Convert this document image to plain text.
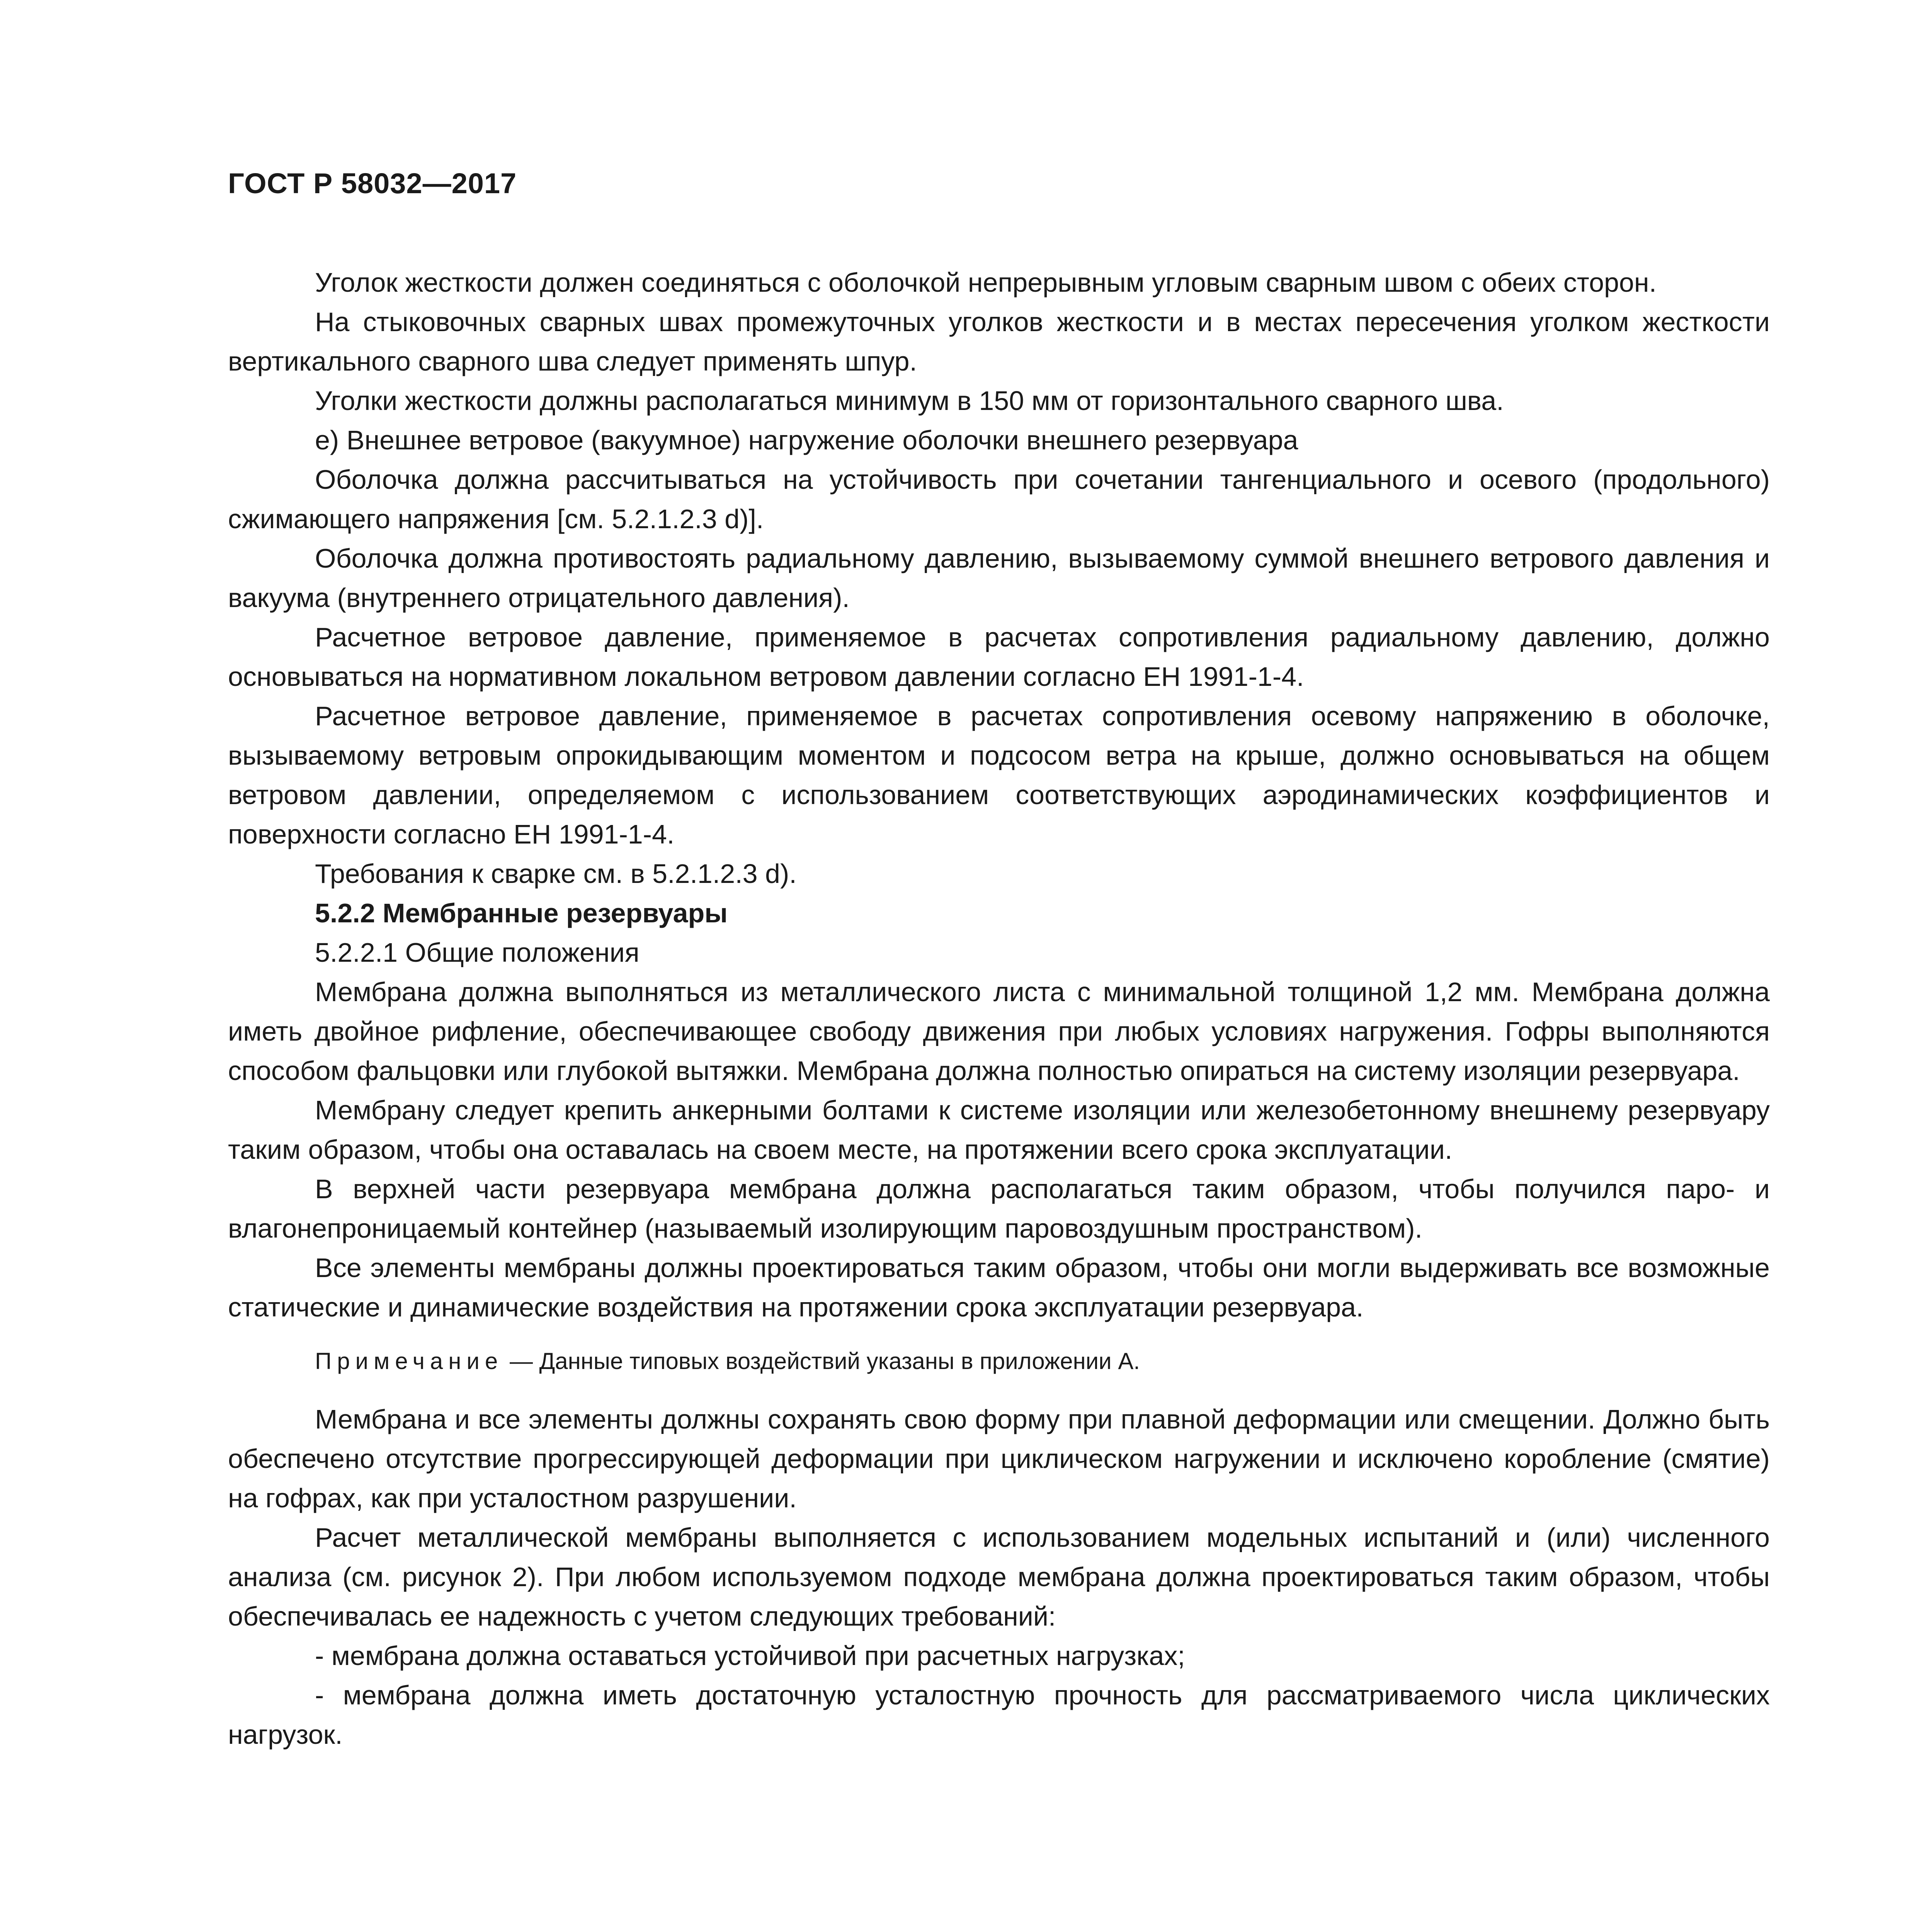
ГОСТ Р 58032—2017

Уголок жесткости должен соединяться с оболочкой непрерывным угловым сварным швом с обеих сторон.

На стыковочных сварных швах промежуточных уголков жесткости и в местах пересечения уголком жесткости вертикального сварного шва следует применять шпур.

Уголки жесткости должны располагаться минимум в 150 мм от горизонтального сварного шва.

е) Внешнее ветровое (вакуумное) нагружение оболочки внешнего резервуара

Оболочка должна рассчитываться на устойчивость при сочетании тангенциального и осевого (продольного) сжимающего напряжения [см. 5.2.1.2.3 d)].

Оболочка должна противостоять радиальному давлению, вызываемому суммой внешнего ветрового давления и вакуума (внутреннего отрицательного давления).

Расчетное ветровое давление, применяемое в расчетах сопротивления радиальному давлению, должно основываться на нормативном локальном ветровом давлении согласно ЕН 1991-1-4.

Расчетное ветровое давление, применяемое в расчетах сопротивления осевому напряжению в оболочке, вызываемому ветровым опрокидывающим моментом и подсосом ветра на крыше, должно основываться на общем ветровом давлении, определяемом с использованием соответствующих аэродинамических коэффициентов и поверхности согласно ЕН 1991-1-4.

Требования к сварке см. в 5.2.1.2.3 d).

5.2.2 Мембранные резервуары

5.2.2.1 Общие положения

Мембрана должна выполняться из металлического листа с минимальной толщиной 1,2 мм. Мембрана должна иметь двойное рифление, обеспечивающее свободу движения при любых условиях нагружения. Гофры выполняются способом фальцовки или глубокой вытяжки. Мембрана должна полностью опираться на систему изоляции резервуара.

Мембрану следует крепить анкерными болтами к системе изоляции или железобетонному внешнему резервуару таким образом, чтобы она оставалась на своем месте, на протяжении всего срока эксплуатации.

В верхней части резервуара мембрана должна располагаться таким образом, чтобы получился паро- и влагонепроницаемый контейнер (называемый изолирующим паровоздушным пространством).

Все элементы мембраны должны проектироваться таким образом, чтобы они могли выдерживать все возможные статические и динамические воздействия на протяжении срока эксплуатации резервуара.

Примечание — Данные типовых воздействий указаны в приложении А.

Мембрана и все элементы должны сохранять свою форму при плавной деформации или смещении. Должно быть обеспечено отсутствие прогрессирующей деформации при циклическом нагружении и исключено коробление (смятие) на гофрах, как при усталостном разрушении.

Расчет металлической мембраны выполняется с использованием модельных испытаний и (или) численного анализа (см. рисунок 2). При любом используемом подходе мембрана должна проектироваться таким образом, чтобы обеспечивалась ее надежность с учетом следующих требований:

- мембрана должна оставаться устойчивой при расчетных нагрузках;

- мембрана должна иметь достаточную усталостную прочность для рассматриваемого числа циклических нагрузок.
